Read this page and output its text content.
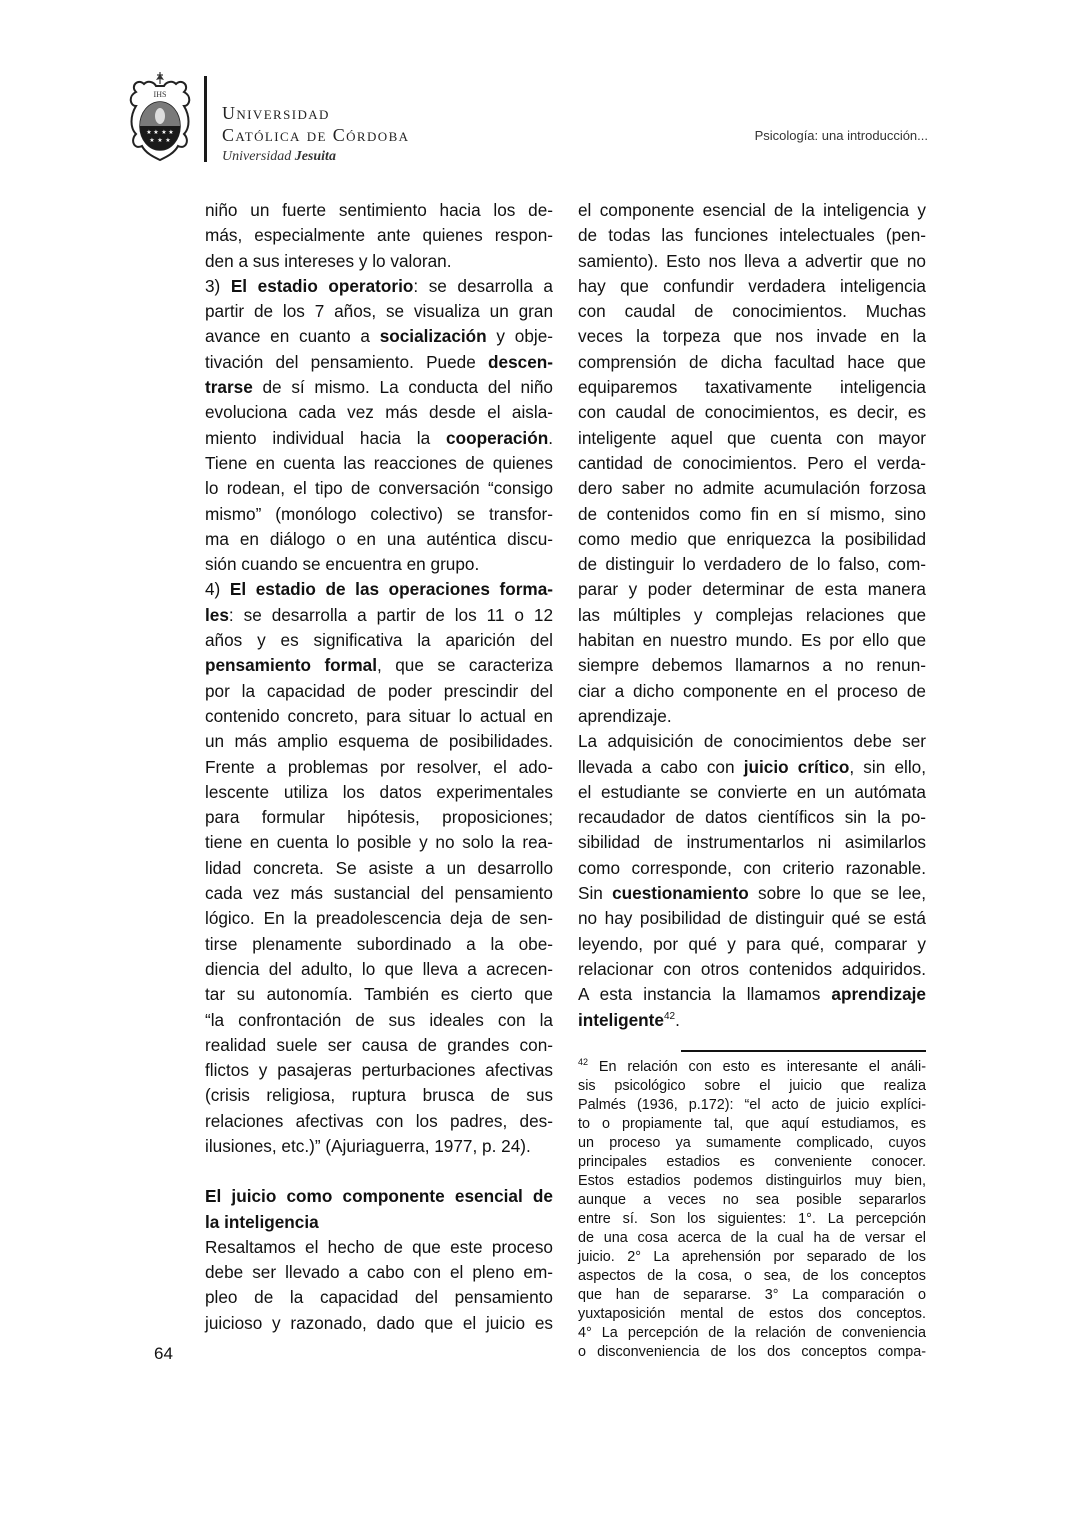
IHS
★ ★ ★ ★
★ ★ ★
Universidad
Católica de Córdoba
Universidad Jesuita
Psicología: una introducción...
niño un fuerte sentimiento hacia los de-
más, especialmente ante quienes respon-
den a sus intereses y lo valoran.
3) El estadio operatorio: se desarrolla a
partir de los 7 años, se visualiza un gran
avance en cuanto a socialización y obje-
tivación del pensamiento. Puede descen-
trarse de sí mismo. La conducta del niño
evoluciona cada vez más desde el aisla-
miento individual hacia la cooperación.
Tiene en cuenta las reacciones de quienes
lo rodean, el tipo de conversación “consigo
mismo” (monólogo colectivo) se transfor-
ma en diálogo o en una auténtica discu-
sión cuando se encuentra en grupo.
4) El estadio de las operaciones forma-
les: se desarrolla a partir de los 11 o 12
años y es significativa la aparición del
pensamiento formal, que se caracteriza
por la capacidad de poder prescindir del
contenido concreto, para situar lo actual en
un más amplio esquema de posibilidades.
Frente a problemas por resolver, el ado-
lescente utiliza los datos experimentales
para formular hipótesis, proposiciones;
tiene en cuenta lo posible y no solo la rea-
lidad concreta. Se asiste a un desarrollo
cada vez más sustancial del pensamiento
lógico. En la preadolescencia deja de sen-
tirse plenamente subordinado a la obe-
diencia del adulto, lo que lleva a acrecen-
tar su autonomía. También es cierto que
“la confrontación de sus ideales con la
realidad suele ser causa de grandes con-
flictos y pasajeras perturbaciones afectivas
(crisis religiosa, ruptura brusca de sus
relaciones afectivas con los padres, des-
ilusiones, etc.)” (Ajuriaguerra, 1977, p. 24).
El juicio como componente esencial de
la inteligencia
Resaltamos el hecho de que este proceso
debe ser llevado a cabo con el pleno em-
pleo de la capacidad del pensamiento
juicioso y razonado, dado que el juicio es
el componente esencial de la inteligencia y
de todas las funciones intelectuales (pen-
samiento). Esto nos lleva a advertir que no
hay que confundir verdadera inteligencia
con caudal de conocimientos. Muchas
veces la torpeza que nos invade en la
comprensión de dicha facultad hace que
equiparemos taxativamente inteligencia
con caudal de conocimientos, es decir, es
inteligente aquel que cuenta con mayor
cantidad de conocimientos. Pero el verda-
dero saber no admite acumulación forzosa
de contenidos como fin en sí mismo, sino
como medio que enriquezca la posibilidad
de distinguir lo verdadero de lo falso, com-
parar y poder determinar de esta manera
las múltiples y complejas relaciones que
habitan en nuestro mundo. Es por ello que
siempre debemos llamarnos a no renun-
ciar a dicho componente en el proceso de
aprendizaje.
La adquisición de conocimientos debe ser
llevada a cabo con juicio crítico, sin ello,
el estudiante se convierte en un autómata
recaudador de datos científicos sin la po-
sibilidad de instrumentarlos ni asimilarlos
como corresponde, con criterio razonable.
Sin cuestionamiento sobre lo que se lee,
no hay posibilidad de distinguir qué se está
leyendo, por qué y para qué, comparar y
relacionar con otros contenidos adquiridos.
A esta instancia la llamamos aprendizaje
inteligente$^{42}$.
$^{42}$ En relación con esto es interesante el análi-
sis psicológico sobre el juicio que realiza
Palmés (1936, p.172): “el acto de juicio explíci-
to o propiamente tal, que aquí estudiamos, es
un proceso ya sumamente complicado, cuyos
principales estadios es conveniente conocer.
Estos estadios podemos distinguirlos muy bien,
aunque a veces no sea posible separarlos
entre sí. Son los siguientes: 1°. La percepción
de una cosa acerca de la cual ha de versar el
juicio. 2° La aprehensión por separado de los
aspectos de la cosa, o sea, de los conceptos
que han de separarse. 3° La comparación o
yuxtaposición mental de estos dos conceptos.
4° La percepción de la relación de conveniencia
o disconveniencia de los dos conceptos compa-
64
